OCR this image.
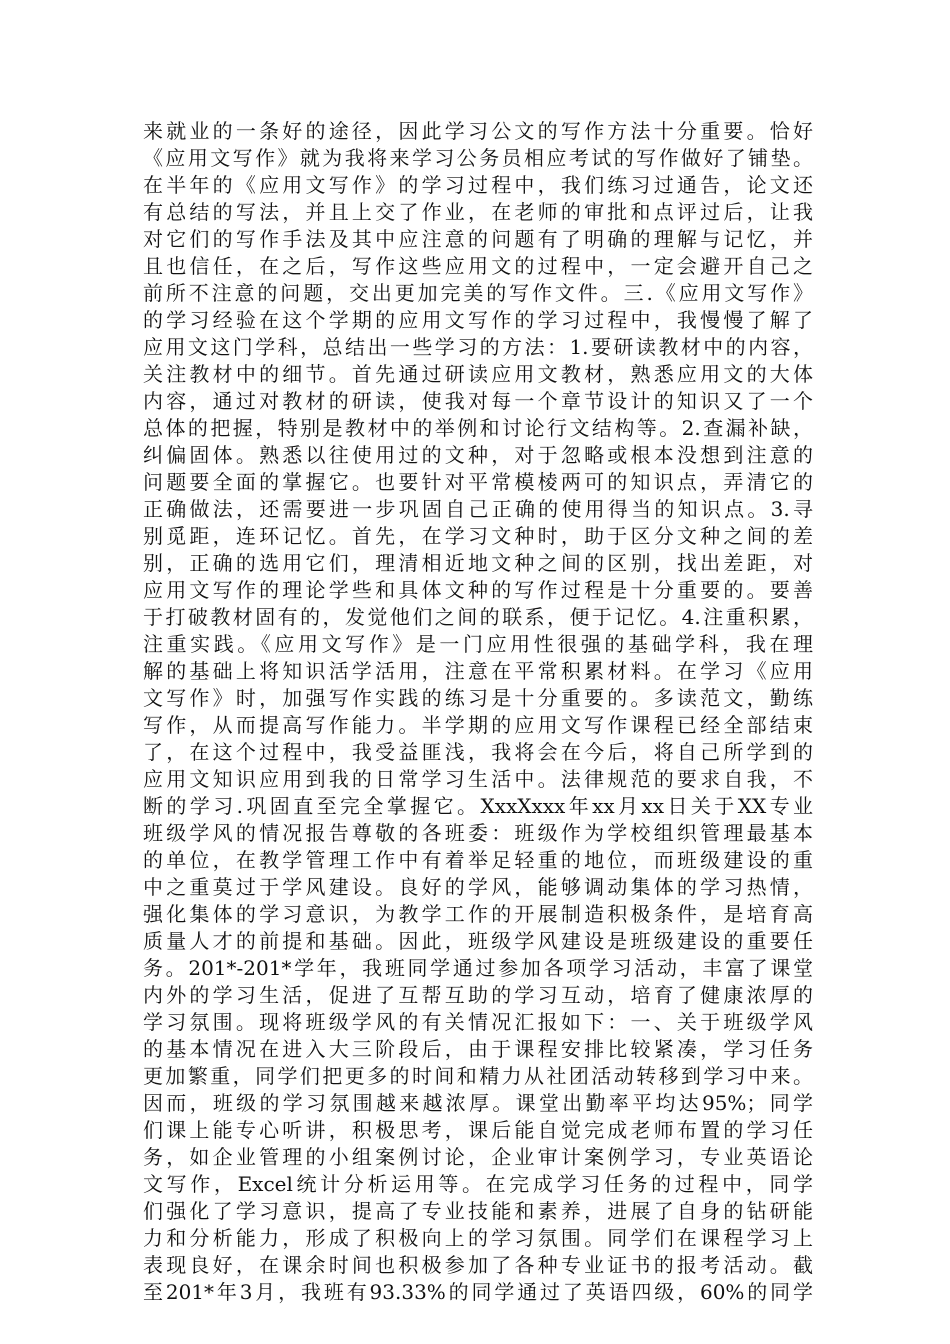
来就业的一条好的途径，因此学习公文的写作方法十分重要。恰好
《应用文写作》就为我将来学习公务员相应考试的写作做好了铺垫。
在半年的《应用文写作》的学习过程中，我们练习过通告，论文还
有总结的写法，并且上交了作业，在老师的审批和点评过后，让我
对它们的写作手法及其中应注意的问题有了明确的理解与记忆，并
且也信任，在之后，写作这些应用文的过程中，一定会避开自己之
前所不注意的问题，交出更加完美的写作文件。三.《应用文写作》
的学习经验在这个学期的应用文写作的学习过程中，我慢慢了解了
应用文这门学科，总结出一些学习的方法：1.要研读教材中的内容，
关注教材中的细节。首先通过研读应用文教材，熟悉应用文的大体
内容，通过对教材的研读，使我对每一个章节设计的知识又了一个
总体的把握，特别是教材中的举例和讨论行文结构等。2.查漏补缺，
纠偏固体。熟悉以往使用过的文种，对于忽略或根本没想到注意的
问题要全面的掌握它。也要针对平常模棱两可的知识点，弄清它的
正确做法，还需要进一步巩固自己正确的使用得当的知识点。3.寻
别觅距，连环记忆。首先，在学习文种时，助于区分文种之间的差
别，正确的选用它们，理清相近地文种之间的区别，找出差距，对
应用文写作的理论学些和具体文种的写作过程是十分重要的。要善
于打破教材固有的，发觉他们之间的联系，便于记忆。4.注重积累，
注重实践。《应用文写作》是一门应用性很强的基础学科，我在理
解的基础上将知识活学活用，注意在平常积累材料。在学习《应用
文写作》时，加强写作实践的练习是十分重要的。多读范文，勤练
写作，从而提高写作能力。半学期的应用文写作课程已经全部结束
了，在这个过程中，我受益匪浅，我将会在今后，将自己所学到的
应用文知识应用到我的日常学习生活中。法律规范的要求自我，不
断的学习.巩固直至完全掌握它。XxxXxxx年xx月xx日关于XX专业
班级学风的情况报告尊敬的各班委：班级作为学校组织管理最基本
的单位，在教学管理工作中有着举足轻重的地位，而班级建设的重
中之重莫过于学风建设。良好的学风，能够调动集体的学习热情，
强化集体的学习意识，为教学工作的开展制造积极条件，是培育高
质量人才的前提和基础。因此，班级学风建设是班级建设的重要任
务。201*-201*学年，我班同学通过参加各项学习活动，丰富了课堂
内外的学习生活，促进了互帮互助的学习互动，培育了健康浓厚的
学习氛围。现将班级学风的有关情况汇报如下：一、关于班级学风
的基本情况在进入大三阶段后，由于课程安排比较紧凑，学习任务
更加繁重，同学们把更多的时间和精力从社团活动转移到学习中来。
因而，班级的学习氛围越来越浓厚。课堂出勤率平均达95%；同学
们课上能专心听讲，积极思考，课后能自觉完成老师布置的学习任
务，如企业管理的小组案例讨论，企业审计案例学习，专业英语论
文写作，Excel统计分析运用等。在完成学习任务的过程中，同学
们强化了学习意识，提高了专业技能和素养，进展了自身的钻研能
力和分析能力，形成了积极向上的学习氛围。同学们在课程学习上
表现良好，在课余时间也积极参加了各种专业证书的报考活动。截
至201*年3月，我班有93.33%的同学通过了英语四级，60%的同学
